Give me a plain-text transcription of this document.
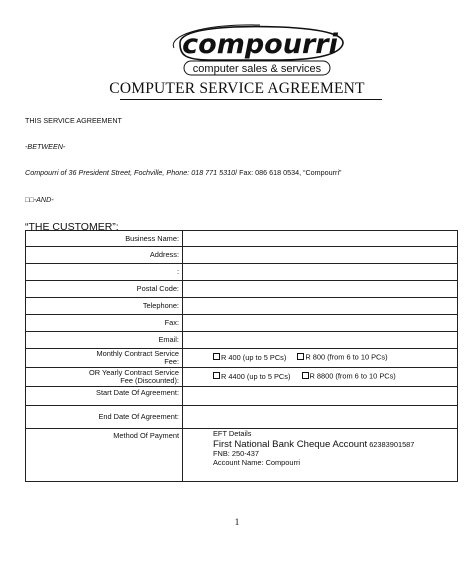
compourri
computer sales & services
COMPUTER SERVICE AGREEMENT
THIS SERVICE AGREEMENT
-BETWEEN-
Compourri of 36 President Street, Fochville, Phone: 018 771 5310/ Fax: 086 618 0534, “Compourri”
□□-AND-
“THE CUSTOMER”:
Business Name:	
Address:	
:	
Postal Code:	
Telephone:	
Fax:	
Email:	
Monthly Contract Service
Fee:	R 400 (up to 5 PCs) R 800 (from 6 to 10 PCs)
OR Yearly Contract Service
Fee (Discounted):	R 4400 (up to 5 PCs) R 8800 (from 6 to 10 PCs)
Start Date Of Agreement:	
End Date Of Agreement:	
Method Of Payment	EFT Details
First National Bank Cheque Account 62383901587
FNB: 250-437
Account Name: Compourri
1
